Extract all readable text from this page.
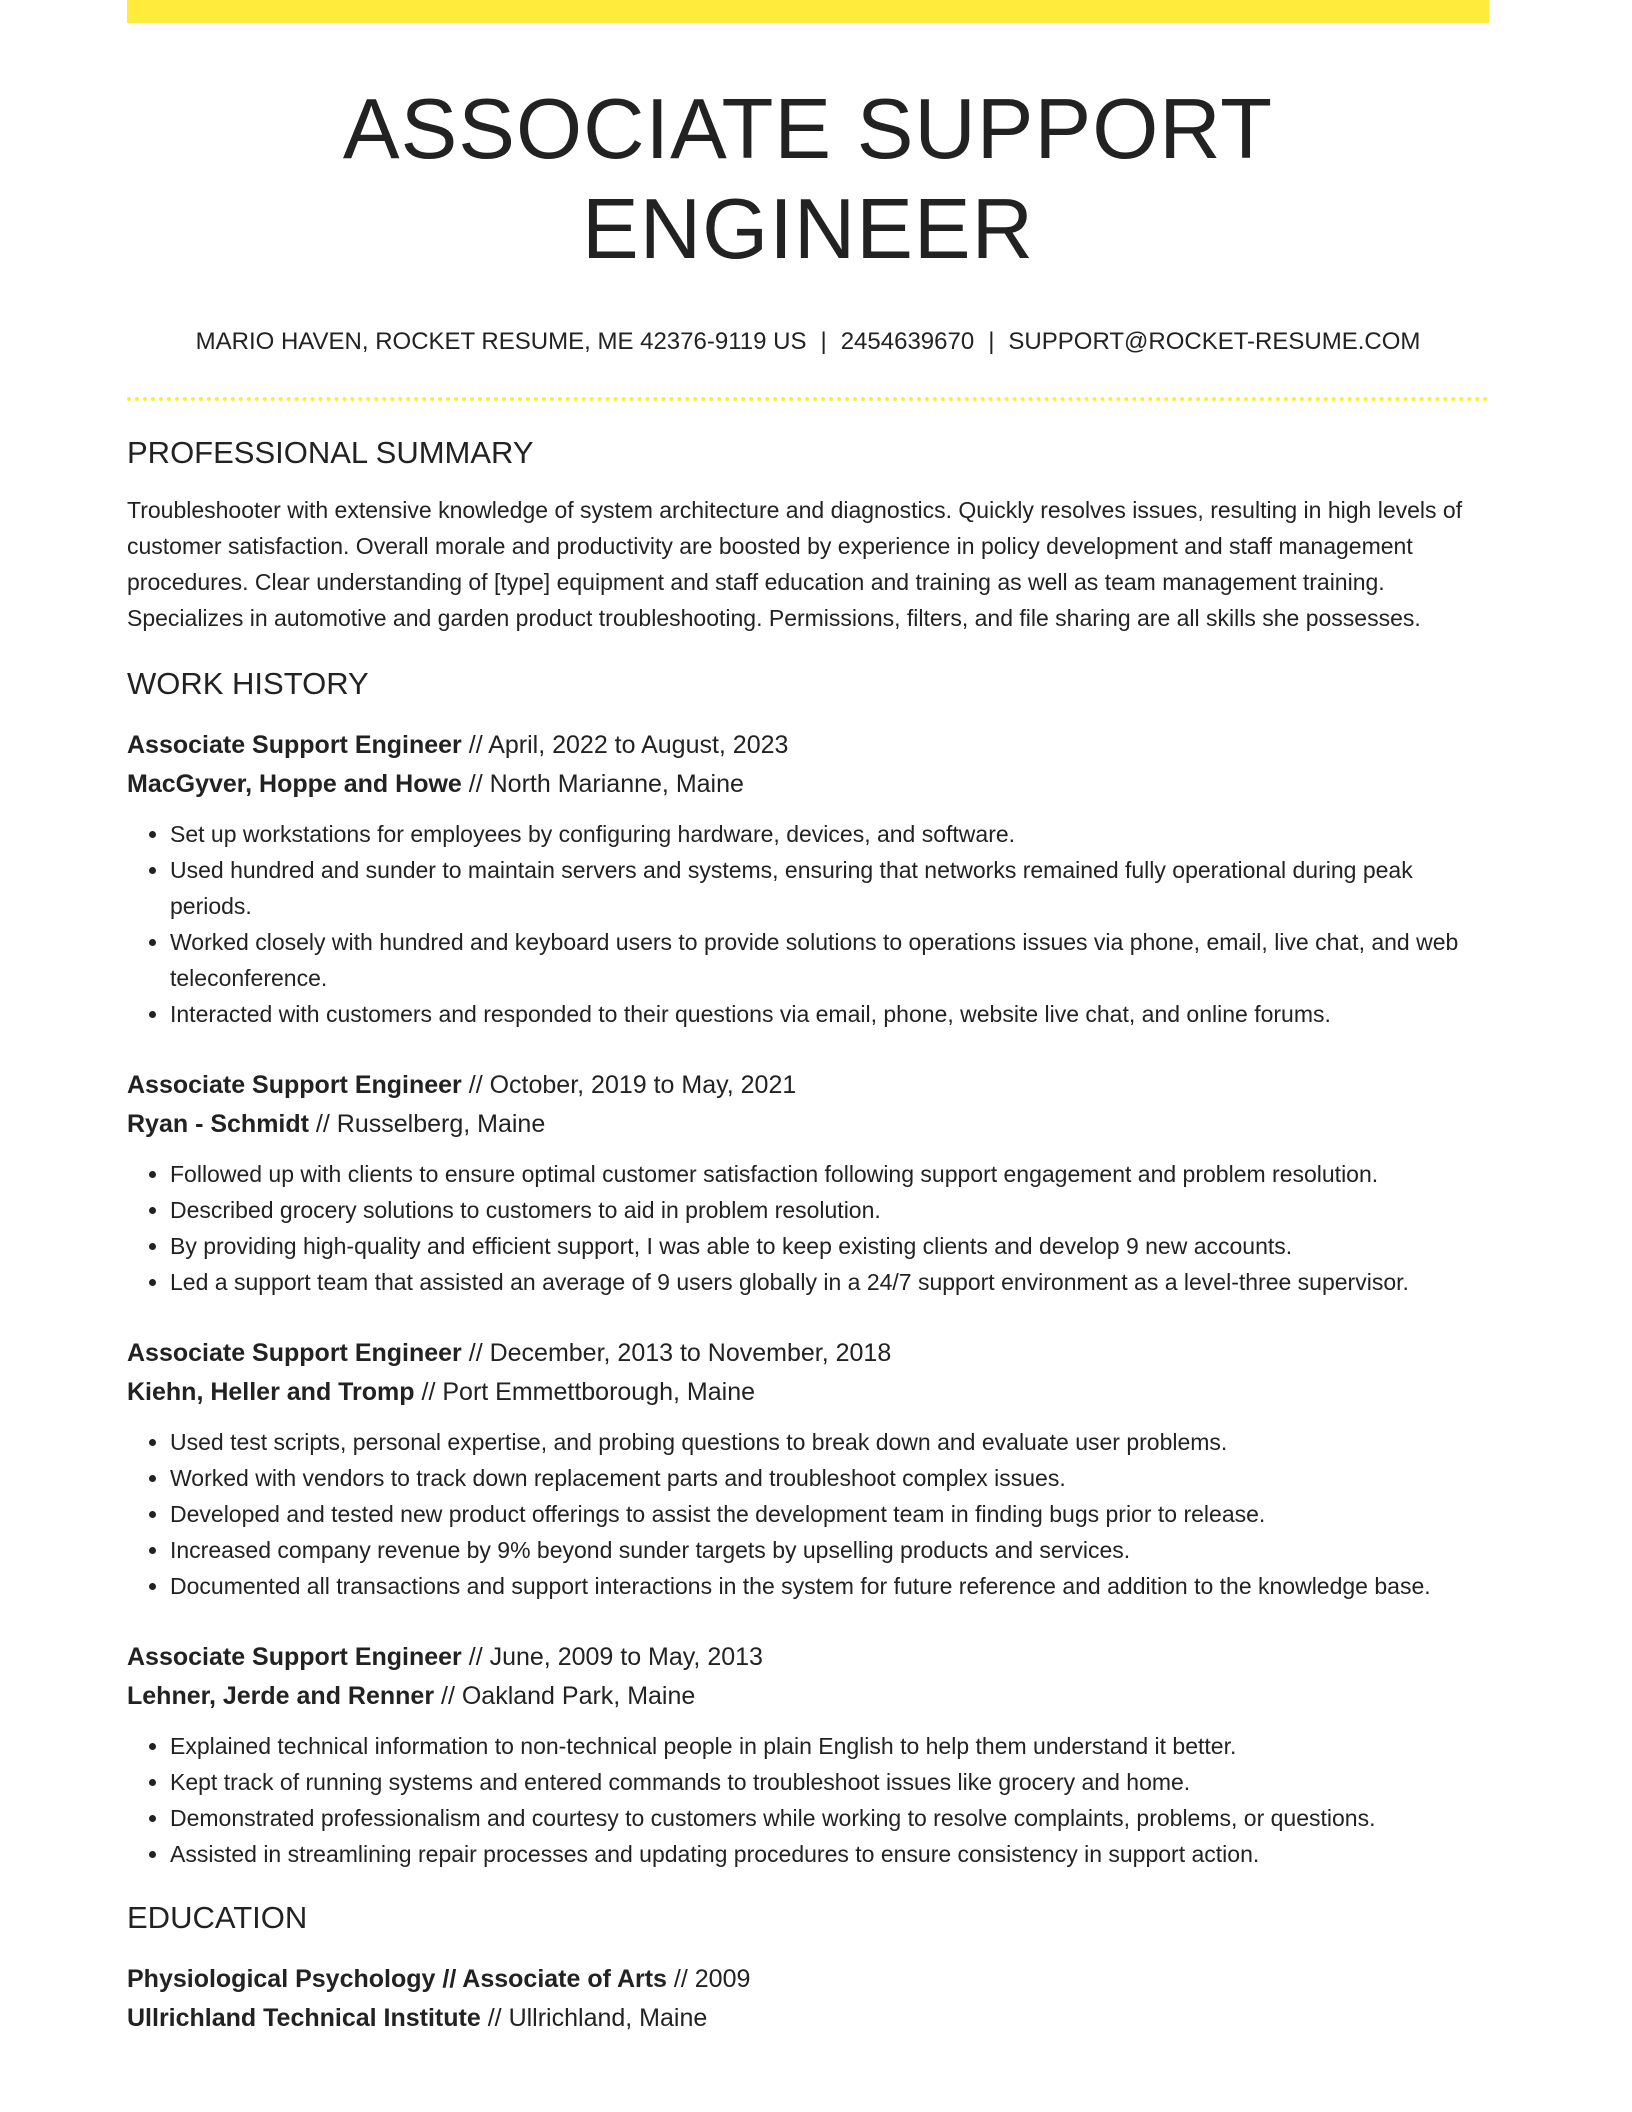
ASSOCIATE SUPPORT ENGINEER
MARIO HAVEN, ROCKET RESUME, ME 42376-9119 US | 2454639670 | SUPPORT@ROCKET-RESUME.COM
PROFESSIONAL SUMMARY
Troubleshooter with extensive knowledge of system architecture and diagnostics. Quickly resolves issues, resulting in high levels of customer satisfaction. Overall morale and productivity are boosted by experience in policy development and staff management procedures. Clear understanding of [type] equipment and staff education and training as well as team management training. Specializes in automotive and garden product troubleshooting. Permissions, filters, and file sharing are all skills she possesses.
WORK HISTORY
Associate Support Engineer // April, 2022 to August, 2023
MacGyver, Hoppe and Howe // North Marianne, Maine
• Set up workstations for employees by configuring hardware, devices, and software.
• Used hundred and sunder to maintain servers and systems, ensuring that networks remained fully operational during peak periods.
• Worked closely with hundred and keyboard users to provide solutions to operations issues via phone, email, live chat, and web teleconference.
• Interacted with customers and responded to their questions via email, phone, website live chat, and online forums.
Associate Support Engineer // October, 2019 to May, 2021
Ryan - Schmidt // Russelberg, Maine
• Followed up with clients to ensure optimal customer satisfaction following support engagement and problem resolution.
• Described grocery solutions to customers to aid in problem resolution.
• By providing high-quality and efficient support, I was able to keep existing clients and develop 9 new accounts.
• Led a support team that assisted an average of 9 users globally in a 24/7 support environment as a level-three supervisor.
Associate Support Engineer // December, 2013 to November, 2018
Kiehn, Heller and Tromp // Port Emmettborough, Maine
• Used test scripts, personal expertise, and probing questions to break down and evaluate user problems.
• Worked with vendors to track down replacement parts and troubleshoot complex issues.
• Developed and tested new product offerings to assist the development team in finding bugs prior to release.
• Increased company revenue by 9% beyond sunder targets by upselling products and services.
• Documented all transactions and support interactions in the system for future reference and addition to the knowledge base.
Associate Support Engineer // June, 2009 to May, 2013
Lehner, Jerde and Renner // Oakland Park, Maine
• Explained technical information to non-technical people in plain English to help them understand it better.
• Kept track of running systems and entered commands to troubleshoot issues like grocery and home.
• Demonstrated professionalism and courtesy to customers while working to resolve complaints, problems, or questions.
• Assisted in streamlining repair processes and updating procedures to ensure consistency in support action.
EDUCATION
Physiological Psychology // Associate of Arts // 2009
Ullrichland Technical Institute // Ullrichland, Maine
